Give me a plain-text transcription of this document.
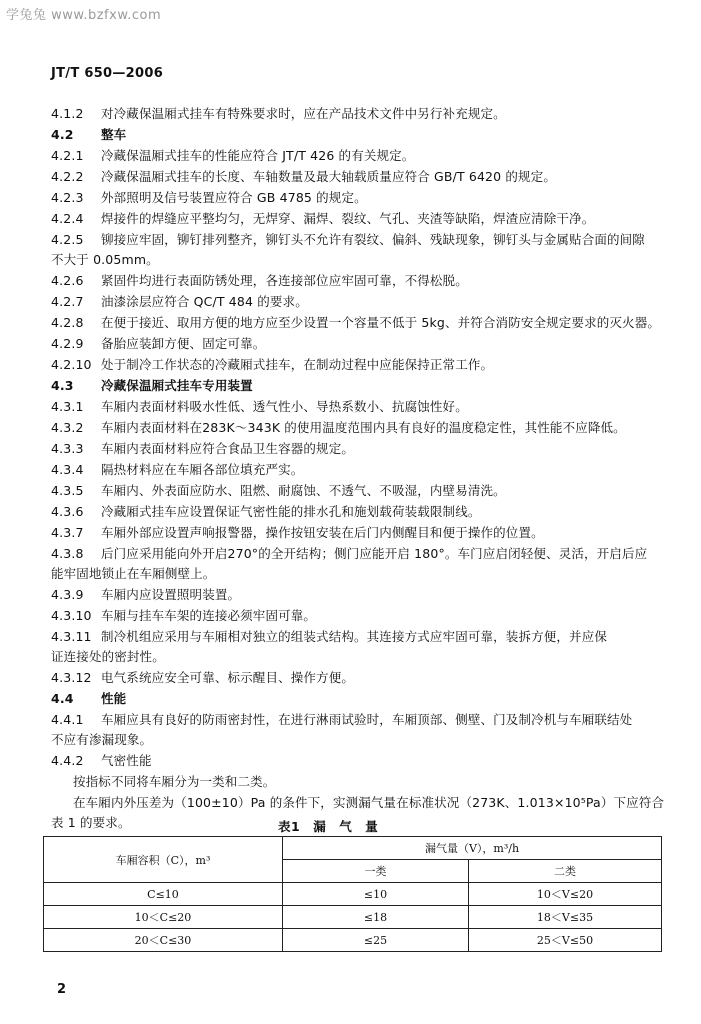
学兔兔 www.bzfxw.com
JT/T 650—2006
4.1.2 对冷藏保温厢式挂车有特殊要求时，应在产品技术文件中另行补充规定。
4.2 整车
4.2.1 冷藏保温厢式挂车的性能应符合 JT/T 426 的有关规定。
4.2.2 冷藏保温厢式挂车的长度、车轴数量及最大轴载质量应符合 GB/T 6420 的规定。
4.2.3 外部照明及信号装置应符合 GB 4785 的规定。
4.2.4 焊接件的焊缝应平整均匀，无焊穿、漏焊、裂纹、气孔、夹渣等缺陷，焊渣应清除干净。
4.2.5 铆接应牢固，铆钉排列整齐，铆钉头不允许有裂纹、偏斜、残缺现象，铆钉头与金属贴合面的间隙
不大于 0.05mm。
4.2.6 紧固件均进行表面防锈处理，各连接部位应牢固可靠，不得松脱。
4.2.7 油漆涂层应符合 QC/T 484 的要求。
4.2.8 在便于接近、取用方便的地方应至少设置一个容量不低于 5kg、并符合消防安全规定要求的灭火器。
4.2.9 备胎应装卸方便、固定可靠。
4.2.10 处于制冷工作状态的冷藏厢式挂车，在制动过程中应能保持正常工作。
4.3 冷藏保温厢式挂车专用装置
4.3.1 车厢内表面材料吸水性低、透气性小、导热系数小、抗腐蚀性好。
4.3.2 车厢内表面材料在283K～343K 的使用温度范围内具有良好的温度稳定性，其性能不应降低。
4.3.3 车厢内表面材料应符合食品卫生容器的规定。
4.3.4 隔热材料应在车厢各部位填充严实。
4.3.5 车厢内、外表面应防水、阻燃、耐腐蚀、不透气、不吸湿，内壁易清洗。
4.3.6 冷藏厢式挂车应设置保证气密性能的排水孔和施划载荷装载限制线。
4.3.7 车厢外部应设置声响报警器，操作按钮安装在后门内侧醒目和便于操作的位置。
4.3.8 后门应采用能向外开启270°的全开结构；侧门应能开启 180°。车门应启闭轻便、灵活，开启后应
能牢固地锁止在车厢侧壁上。
4.3.9 车厢内应设置照明装置。
4.3.10 车厢与挂车车架的连接必须牢固可靠。
4.3.11 制冷机组应采用与车厢相对独立的组装式结构。其连接方式应牢固可靠，装拆方便，并应保
证连接处的密封性。
4.3.12 电气系统应安全可靠、标示醒目、操作方便。
4.4 性能
4.4.1 车厢应具有良好的防雨密封性，在进行淋雨试验时，车厢顶部、侧壁、门及制冷机与车厢联结处
不应有渗漏现象。
4.4.2 气密性能
按指标不同将车厢分为一类和二类。
在车厢内外压差为（100±10）Pa 的条件下，实测漏气量在标准状况（273K、1.013×10⁵Pa）下应符合
表 1 的要求。	表1　漏　气　量
车厢容积（C），m³	漏气量（V），m³/h	
	一类	二类
C≤10	≤10	10＜V≤20
10＜C≤20	≤18	18＜V≤35
20＜C≤30	≤25	25＜V≤50
2
